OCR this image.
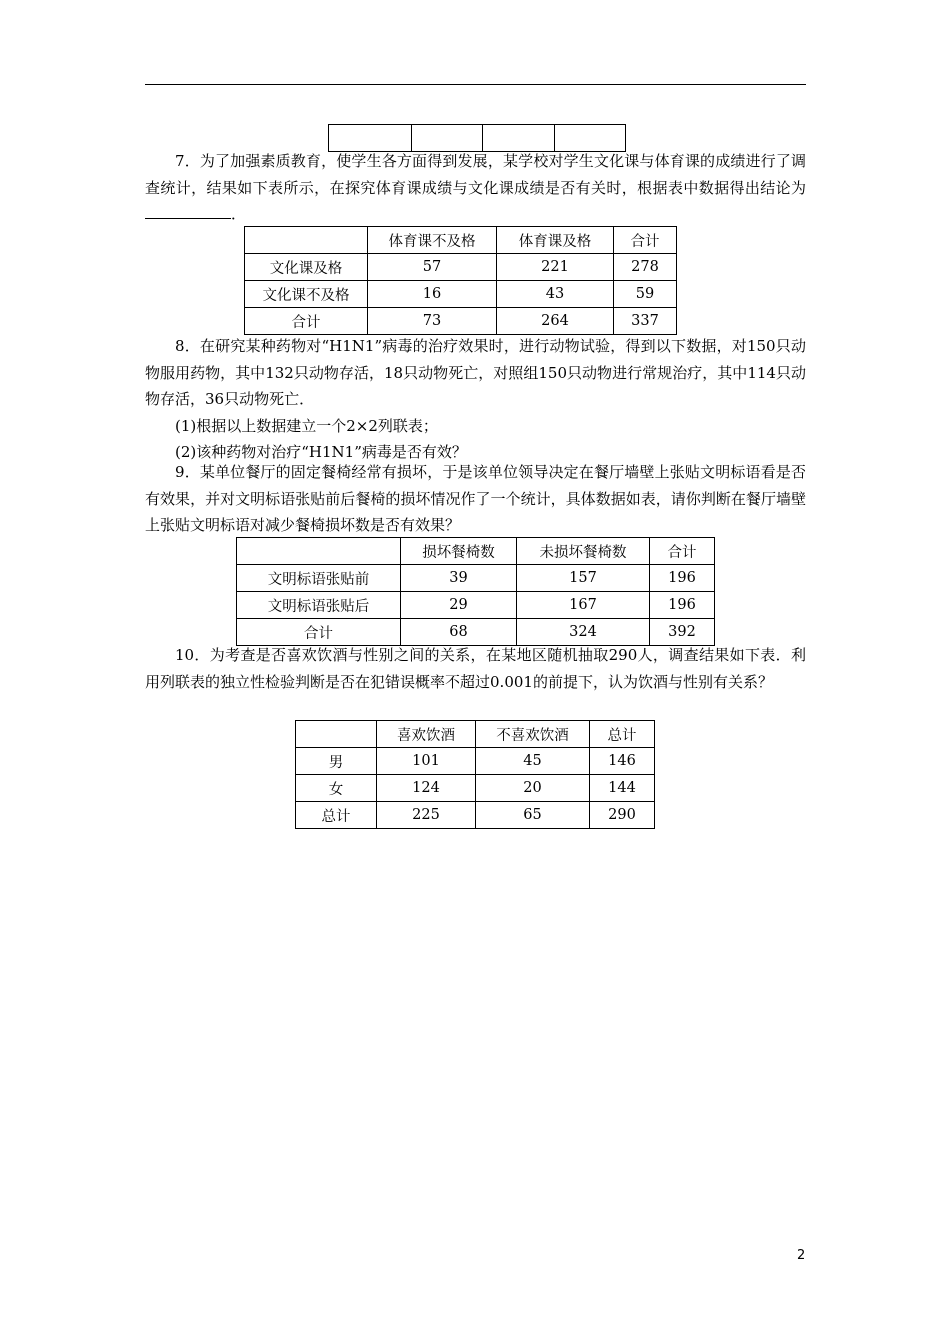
7．为了加强素质教育，使学生各方面得到发展，某学校对学生文化课与体育课的成绩进行了调查统计，结果如下表所示，在探究体育课成绩与文化课成绩是否有关时，根据表中数据得出结论为．

	体育课不及格	体育课及格	合计
文化课及格	57	221	278
文化课不及格	16	43	59
合计	73	264	337

8．在研究某种药物对“H1N1”病毒的治疗效果时，进行动物试验，得到以下数据，对150只动物服用药物，其中132只动物存活，18只动物死亡，对照组150只动物进行常规治疗，其中114只动物存活，36只动物死亡．

(1)根据以上数据建立一个2×2列联表；

(2)该种药物对治疗“H1N1”病毒是否有效？

9．某单位餐厅的固定餐椅经常有损坏，于是该单位领导决定在餐厅墙壁上张贴文明标语看是否有效果，并对文明标语张贴前后餐椅的损坏情况作了一个统计，具体数据如表，请你判断在餐厅墙壁上张贴文明标语对减少餐椅损坏数是否有效果？

	损坏餐椅数	未损坏餐椅数	合计
文明标语张贴前	39	157	196
文明标语张贴后	29	167	196
合计	68	324	392

10．为考查是否喜欢饮酒与性别之间的关系，在某地区随机抽取290人，调查结果如下表．利用列联表的独立性检验判断是否在犯错误概率不超过0.001的前提下，认为饮酒与性别有关系？

	喜欢饮酒	不喜欢饮酒	总计
男	101	45	146
女	124	20	144
总计	225	65	290
2
